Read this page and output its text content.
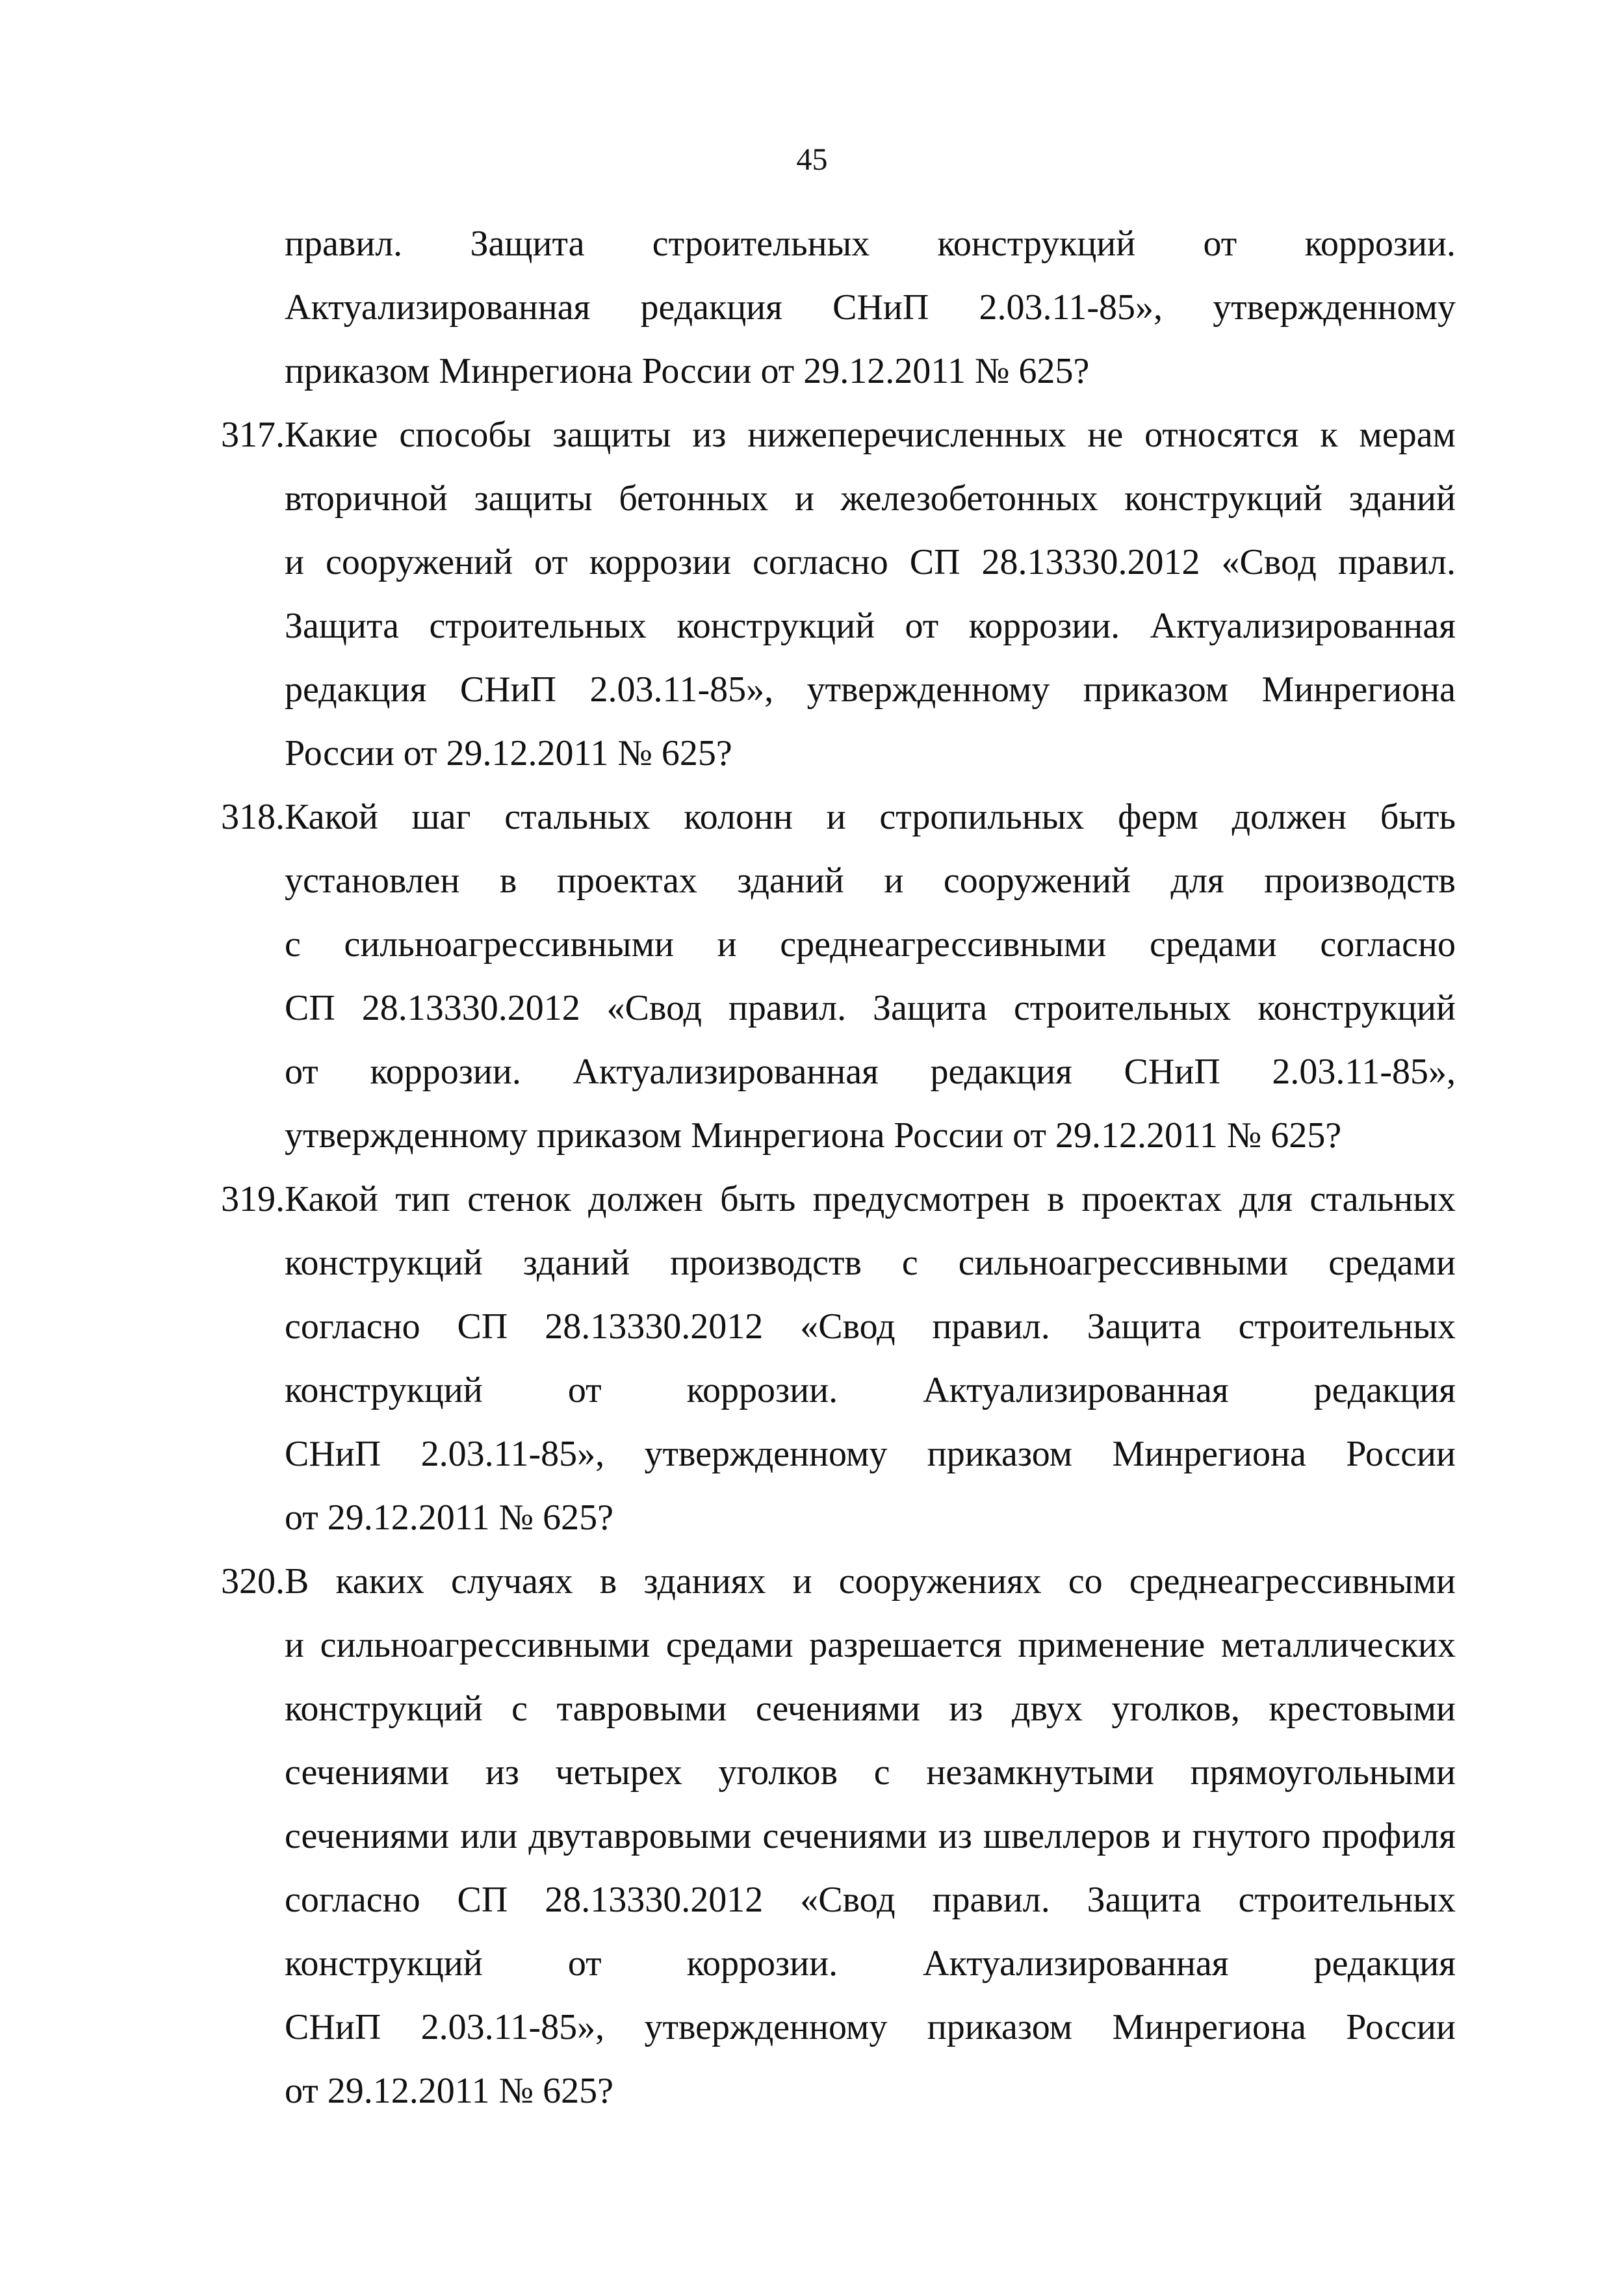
45
правил. Защита строительных конструкций от коррозии.
Актуализированная редакция СНиП 2.03.11-85», утвержденному
приказом Минрегиона России от 29.12.2011 № 625?
317. Какие способы защиты из нижеперечисленных не относятся к мерам
вторичной защиты бетонных и железобетонных конструкций зданий
и сооружений от коррозии согласно СП 28.13330.2012 «Свод правил.
Защита строительных конструкций от коррозии. Актуализированная
редакция СНиП 2.03.11-85», утвержденному приказом Минрегиона
России от 29.12.2011 № 625?
318. Какой шаг стальных колонн и стропильных ферм должен быть
установлен в проектах зданий и сооружений для производств
с сильноагрессивными и среднеагрессивными средами согласно
СП 28.13330.2012 «Свод правил. Защита строительных конструкций
от коррозии. Актуализированная редакция СНиП 2.03.11-85»,
утвержденному приказом Минрегиона России от 29.12.2011 № 625?
319. Какой тип стенок должен быть предусмотрен в проектах для стальных
конструкций зданий производств с сильноагрессивными средами
согласно СП 28.13330.2012 «Свод правил. Защита строительных
конструкций от коррозии. Актуализированная редакция
СНиП 2.03.11-85», утвержденному приказом Минрегиона России
от 29.12.2011 № 625?
320. В каких случаях в зданиях и сооружениях со среднеагрессивными
и сильноагрессивными средами разрешается применение металлических
конструкций с тавровыми сечениями из двух уголков, крестовыми
сечениями из четырех уголков с незамкнутыми прямоугольными
сечениями или двутавровыми сечениями из швеллеров и гнутого профиля
согласно СП 28.13330.2012 «Свод правил. Защита строительных
конструкций от коррозии. Актуализированная редакция
СНиП 2.03.11-85», утвержденному приказом Минрегиона России
от 29.12.2011 № 625?
